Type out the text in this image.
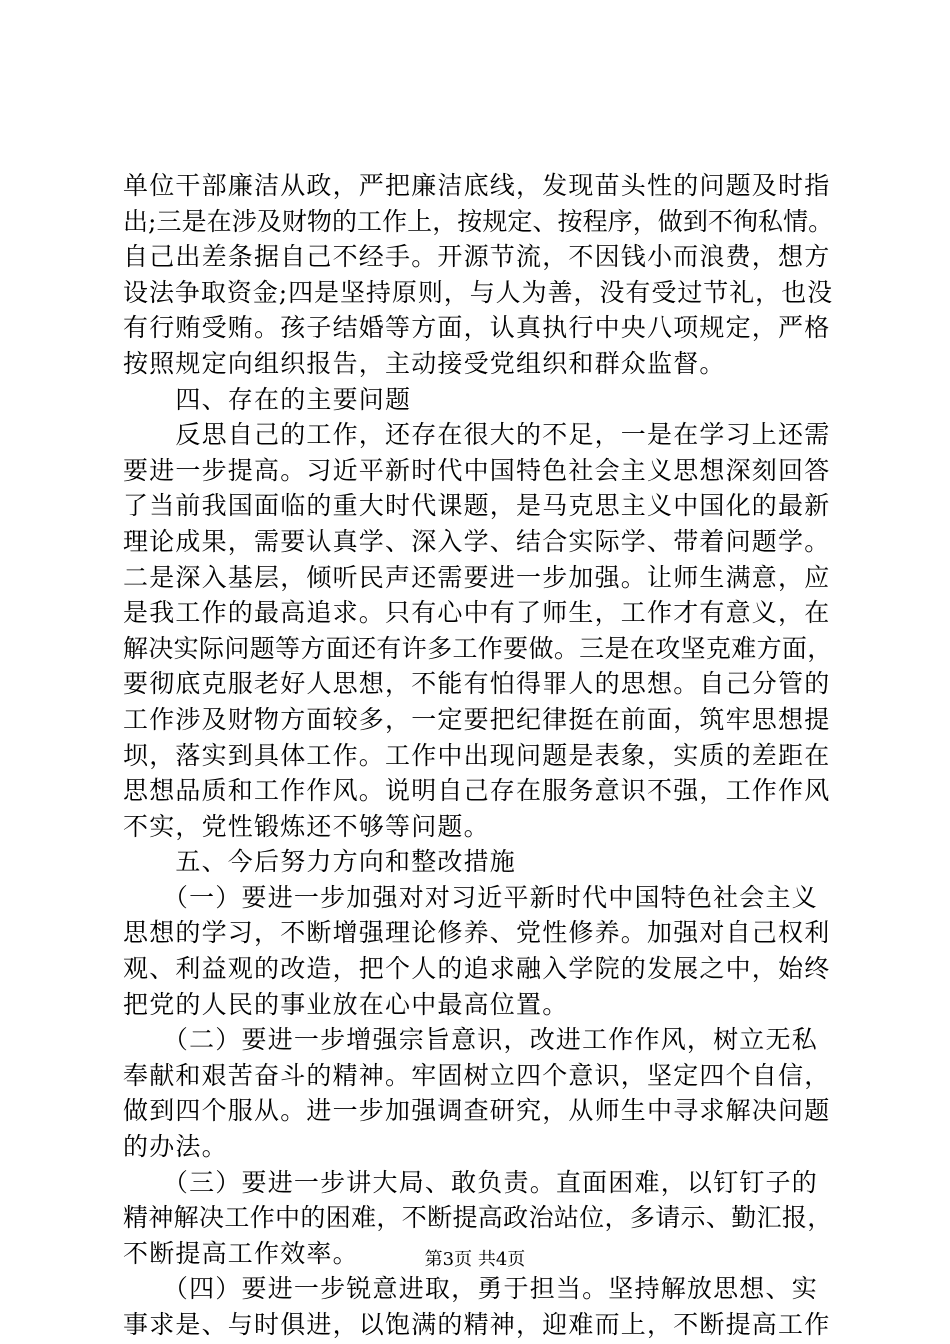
单位干部廉洁从政，严把廉洁底线，发现苗头性的问题及时指
出;三是在涉及财物的工作上，按规定、按程序，做到不徇私情。
自己出差条据自己不经手。开源节流，不因钱小而浪费，想方
设法争取资金;四是坚持原则，与人为善，没有受过节礼，也没
有行贿受贿。孩子结婚等方面，认真执行中央八项规定，严格
按照规定向组织报告，主动接受党组织和群众监督。
　　四、存在的主要问题
　　反思自己的工作，还存在很大的不足，一是在学习上还需
要进一步提高。习近平新时代中国特色社会主义思想深刻回答
了当前我国面临的重大时代课题，是马克思主义中国化的最新
理论成果，需要认真学、深入学、结合实际学、带着问题学。
二是深入基层，倾听民声还需要进一步加强。让师生满意，应
是我工作的最高追求。只有心中有了师生，工作才有意义，在
解决实际问题等方面还有许多工作要做。三是在攻坚克难方面，
要彻底克服老好人思想，不能有怕得罪人的思想。自己分管的
工作涉及财物方面较多，一定要把纪律挺在前面，筑牢思想提
坝，落实到具体工作。工作中出现问题是表象，实质的差距在
思想品质和工作作风。说明自己存在服务意识不强，工作作风
不实，党性锻炼还不够等问题。
　　五、今后努力方向和整改措施
　　（一）要进一步加强对对习近平新时代中国特色社会主义
思想的学习，不断增强理论修养、党性修养。加强对自己权利
观、利益观的改造，把个人的追求融入学院的发展之中，始终
把党的人民的事业放在心中最高位置。
　　（二）要进一步增强宗旨意识，改进工作作风，树立无私
奉献和艰苦奋斗的精神。牢固树立四个意识，坚定四个自信，
做到四个服从。进一步加强调查研究，从师生中寻求解决问题
的办法。
　　（三）要进一步讲大局、敢负责。直面困难，以钉钉子的
精神解决工作中的困难，不断提高政治站位，多请示、勤汇报，
不断提高工作效率。
　　（四）要进一步锐意进取，勇于担当。坚持解放思想、实
事求是、与时俱进，以饱满的精神，迎难而上，不断提高工作
第3页 共4页
